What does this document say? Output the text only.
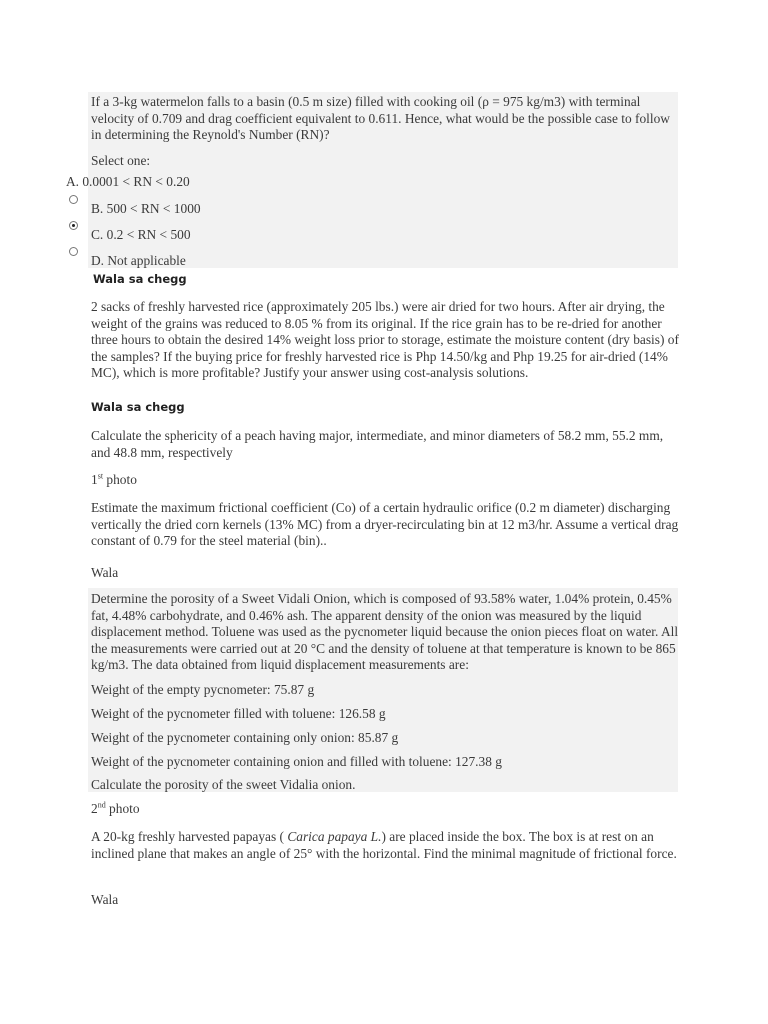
If a 3-kg watermelon falls to a basin (0.5 m size) filled with cooking oil (ρ = 975 kg/m3) with terminal velocity of 0.709 and drag coefficient equivalent to 0.611. Hence, what would be the possible case to follow in determining the Reynold's Number (RN)?
Select one:
A. 0.0001 < RN < 0.20
B. 500 < RN < 1000
C. 0.2 < RN < 500
D. Not applicable
Wala sa chegg
2 sacks of freshly harvested rice (approximately 205 lbs.) were air dried for two hours. After air drying, the weight of the grains was reduced to 8.05 % from its original. If the rice grain has to be re-dried for another three hours to obtain the desired 14% weight loss prior to storage, estimate the moisture content (dry basis) of the samples? If the buying price for freshly harvested rice is Php 14.50/kg and Php 19.25 for air-dried (14% MC), which is more profitable? Justify your answer using cost-analysis solutions.
Wala sa chegg
Calculate the sphericity of a peach having major, intermediate, and minor diameters of 58.2 mm, 55.2 mm, and 48.8 mm, respectively
1st photo
Estimate the maximum frictional coefficient (Co) of a certain hydraulic orifice (0.2 m diameter) discharging vertically the dried corn kernels (13% MC) from a dryer-recirculating bin at 12 m3/hr. Assume a vertical drag constant of 0.79 for the steel material (bin)..
Wala
Determine the porosity of a Sweet Vidali Onion, which is composed of 93.58% water, 1.04% protein, 0.45% fat, 4.48% carbohydrate, and 0.46% ash. The apparent density of the onion was measured by the liquid displacement method. Toluene was used as the pycnometer liquid because the onion pieces float on water. All the measurements were carried out at 20 °C and the density of toluene at that temperature is known to be 865 kg/m3. The data obtained from liquid displacement measurements are:
Weight of the empty pycnometer: 75.87 g
Weight of the pycnometer filled with toluene: 126.58 g
Weight of the pycnometer containing only onion: 85.87 g
Weight of the pycnometer containing onion and filled with toluene: 127.38 g
Calculate the porosity of the sweet Vidalia onion.
2nd photo
A 20-kg freshly harvested papayas ( Carica papaya L.) are placed inside the box. The box is at rest on an inclined plane that makes an angle of 25° with the horizontal. Find the minimal magnitude of frictional force.
Wala
